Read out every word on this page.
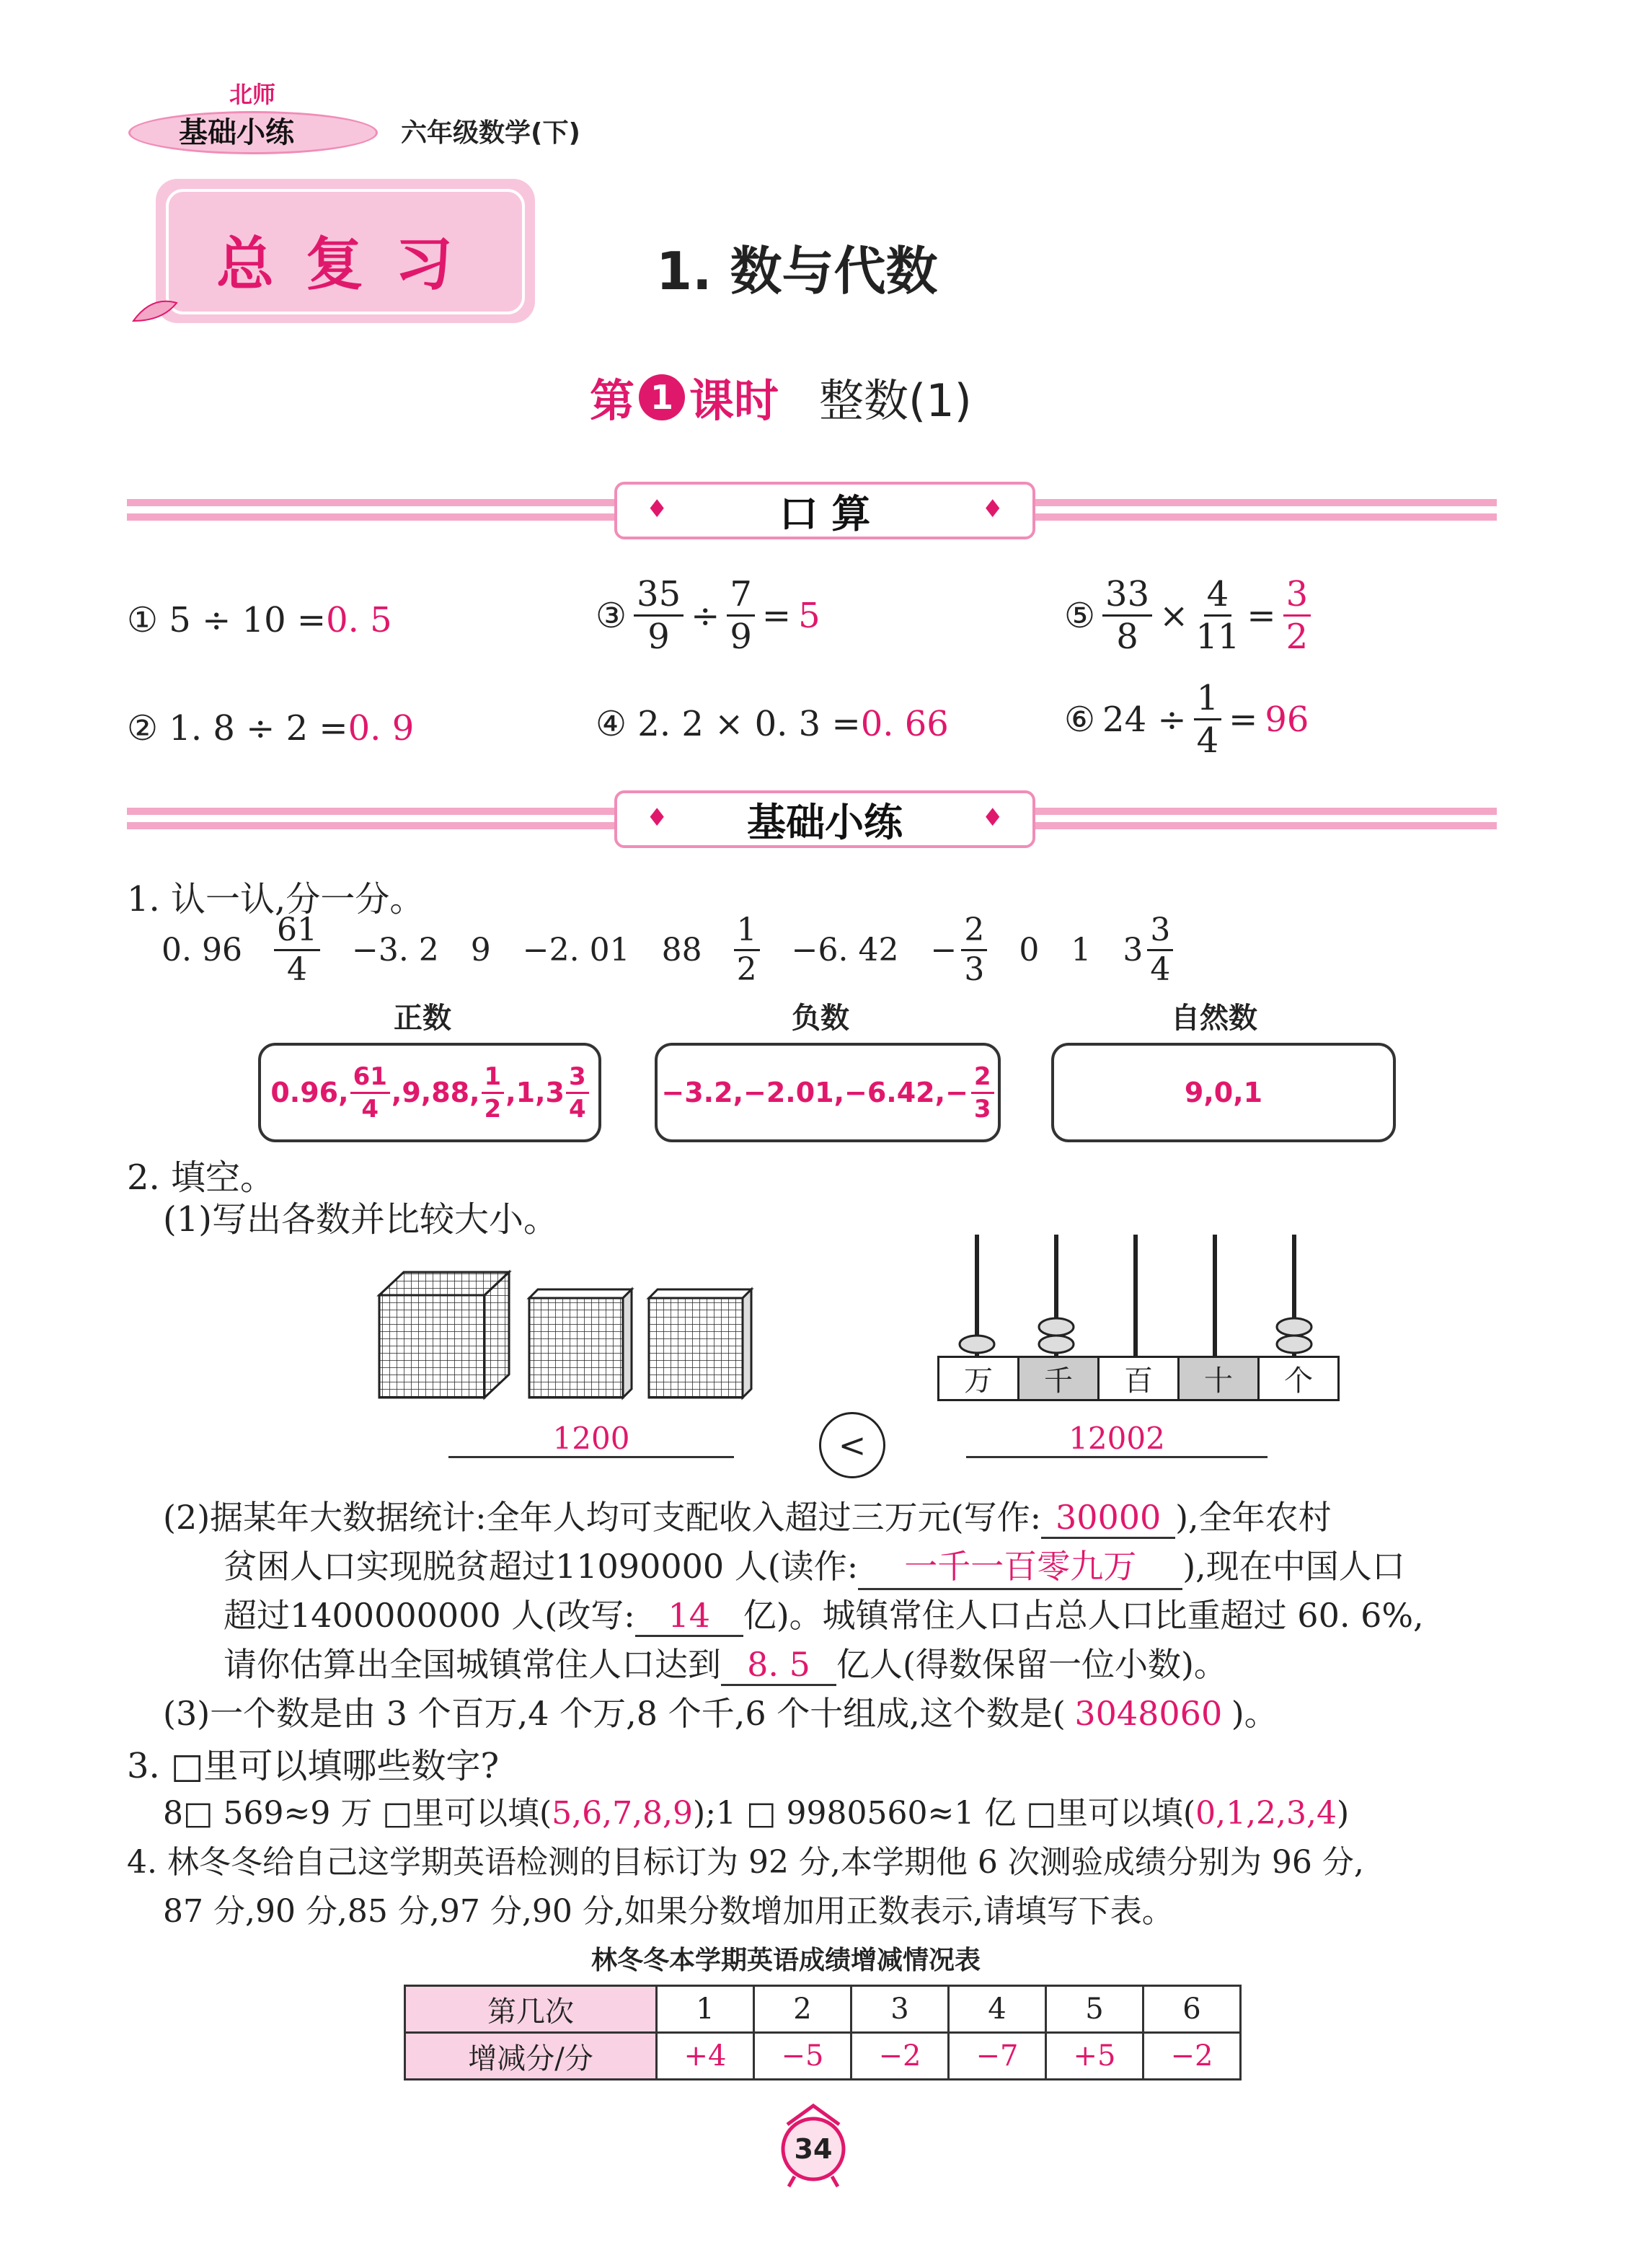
北师
基础小练	六年级数学(下)
总 复 习	1. 数与代数
第 1 课时 整数(1)
♦	口 算	♦
① 5 ÷ 10 =0. 5
② 1. 8 ÷ 2 =0. 9
③ $\frac{35}{9} \div \frac{7}{9} = 5$
④ 2. 2 × 0. 3 =0. 66
⑤ $\frac{33}{8} \times \frac{4}{11} = \frac{3}{2}$
⑥ $24 \div \frac{1}{4} = 96$
♦ 基础小练	♦
1. 认一认,分一分。
0. $96 \frac{61}{4} -3$. 2 9 −2. 01 $88 \frac{1}{2} -6$. $42 - \frac{2}{3} 0$ 1 $3 \frac{3}{4}$
正数	负数	自然数
0.96, $\frac{61}{4} ,9,88$, $\frac{1}{2} ,1,3 \frac{3}{4}$	$-3.2,-2.01,-6.42,- \frac{2}{3}$	9,0,1
2. 填空。
(1)写出各数并比较大小。
万	千	百	十	个
1200	<	12002
(2)据某年大数据统计:全年人均可支配收入超过三万元(写作: 30000 ),全年农村
贫困人口实现脱贫超过11090000 人(读作: 一千一百零九万 ),现在中国人口
超过1400000000 人(改写: 14 亿)。城镇常住人口占总人口比重超过 60. 6%,
请你估算出全国城镇常住人口达到 8. 5 亿人(得数保留一位小数)。
(3)一个数是由 3 个百万,4 个万,8 个千,6 个十组成,这个数是( 3048060 )。
3. □里可以填哪些数字?
8□ 569≈9 万 □里可以填(5,6,7,8,9);1 □ 9980560≈1 亿 □里可以填(0,1,2,3,4)
4. 林冬冬给自己这学期英语检测的目标订为 92 分,本学期他 6 次测验成绩分别为 96 分,
87 分,90 分,85 分,97 分,90 分,如果分数增加用正数表示,请填写下表。
林冬冬本学期英语成绩增减情况表
第几次	1	2	3	4	5	6
增减分/分	+4	−5	−2	−7	+5	−2
34
